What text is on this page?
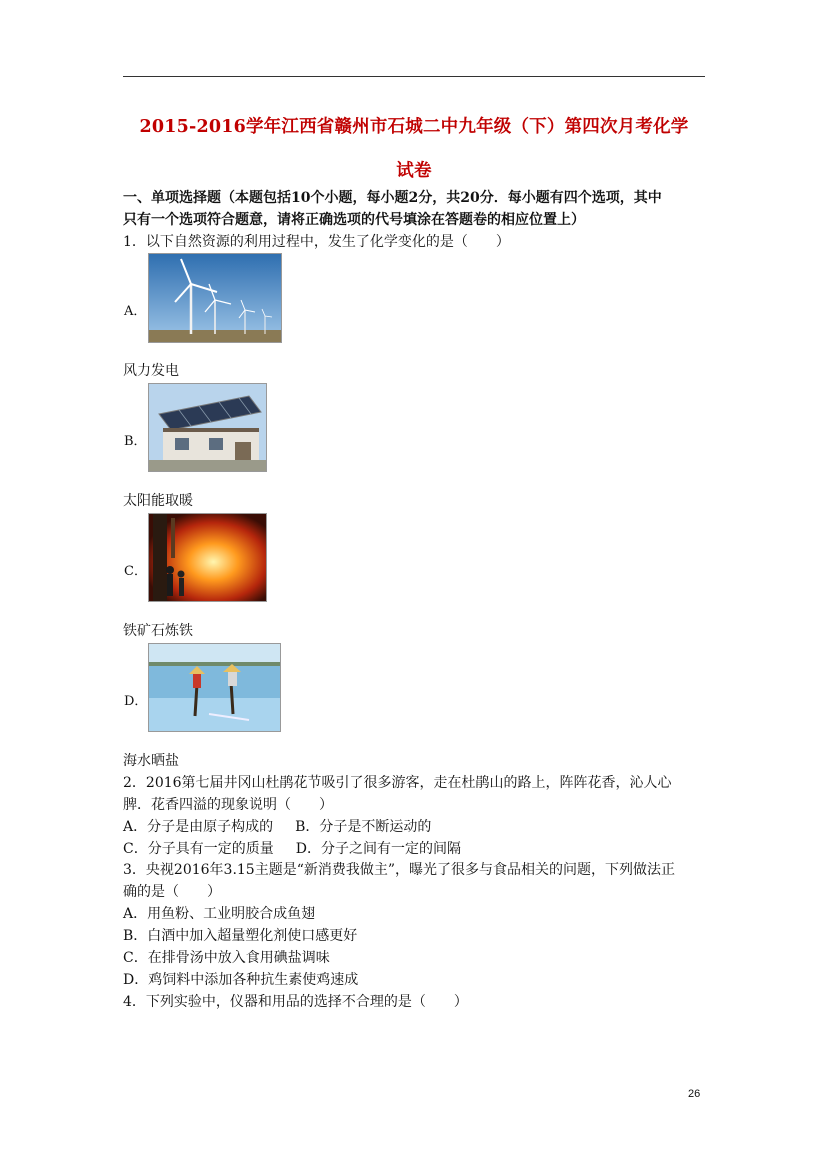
2015-2016学年江西省赣州市石城二中九年级（下）第四次月考化学
试卷
一、单项选择题（本题包括10个小题，每小题2分，共20分．每小题有四个选项，其中
只有一个选项符合题意，请将正确选项的代号填涂在答题卷的相应位置上）
1．以下自然资源的利用过程中，发生了化学变化的是（　　）
A．
风力发电
B．
太阳能取暖
C．
铁矿石炼铁
D．
海水晒盐
2．2016第七届井冈山杜鹃花节吸引了很多游客，走在杜鹃山的路上，阵阵花香，沁人心
脾．花香四溢的现象说明（　　）
A．分子是由原子构成的 B．分子是不断运动的
C．分子具有一定的质量 D．分子之间有一定的间隔
3．央视2016年3.15主题是“新消费我做主”，曝光了很多与食品相关的问题，下列做法正
确的是（　　）
A．用鱼粉、工业明胶合成鱼翅
B．白酒中加入超量塑化剂使口感更好
C．在排骨汤中放入食用碘盐调味
D．鸡饲料中添加各种抗生素使鸡速成
4．下列实验中，仪器和用品的选择不合理的是（　　）
26
